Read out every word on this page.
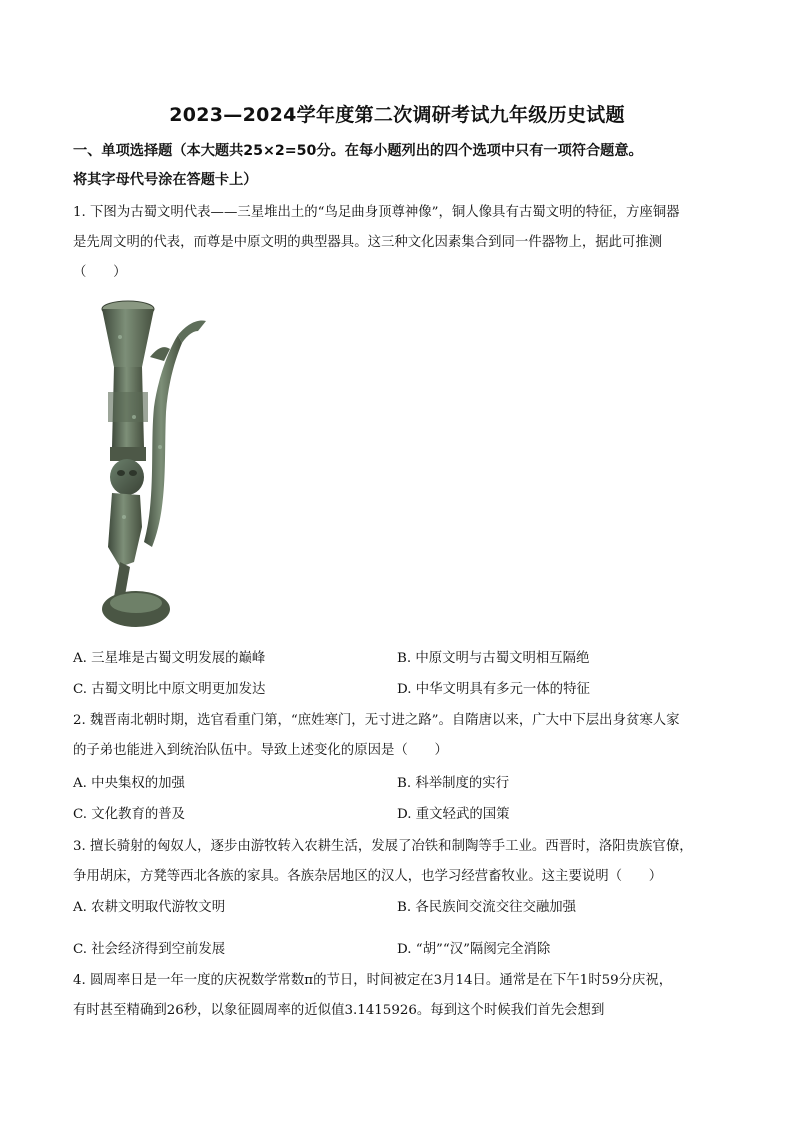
2023—2024学年度第二次调研考试九年级历史试题
一、单项选择题（本大题共25×2=50分。在每小题列出的四个选项中只有一项符合题意。
将其字母代号涂在答题卡上）
1. 下图为古蜀文明代表——三星堆出土的“鸟足曲身顶尊神像”，铜人像具有古蜀文明的特征，方座铜器
是先周文明的代表，而尊是中原文明的典型器具。这三种文化因素集合到同一件器物上，据此可推测
（　　）
A. 三星堆是古蜀文明发展的巅峰	B. 中原文明与古蜀文明相互隔绝
C. 古蜀文明比中原文明更加发达	D. 中华文明具有多元一体的特征
2. 魏晋南北朝时期，选官看重门第，“庶姓寒门，无寸进之路”。自隋唐以来，广大中下层出身贫寒人家
的子弟也能进入到统治队伍中。导致上述变化的原因是（　　）
A. 中央集权的加强	B. 科举制度的实行
C. 文化教育的普及	D. 重文轻武的国策
3. 擅长骑射的匈奴人，逐步由游牧转入农耕生活，发展了冶铁和制陶等手工业。西晋时，洛阳贵族官僚，
争用胡床，方凳等西北各族的家具。各族杂居地区的汉人，也学习经营畜牧业。这主要说明（　　）
A. 农耕文明取代游牧文明	B. 各民族间交流交往交融加强
C. 社会经济得到空前发展	D. “胡”“汉”隔阂完全消除
4. 圆周率日是一年一度的庆祝数学常数π的节日，时间被定在3月14日。通常是在下午1时59分庆祝，
有时甚至精确到26秒，以象征圆周率的近似值3.1415926。每到这个时候我们首先会想到
